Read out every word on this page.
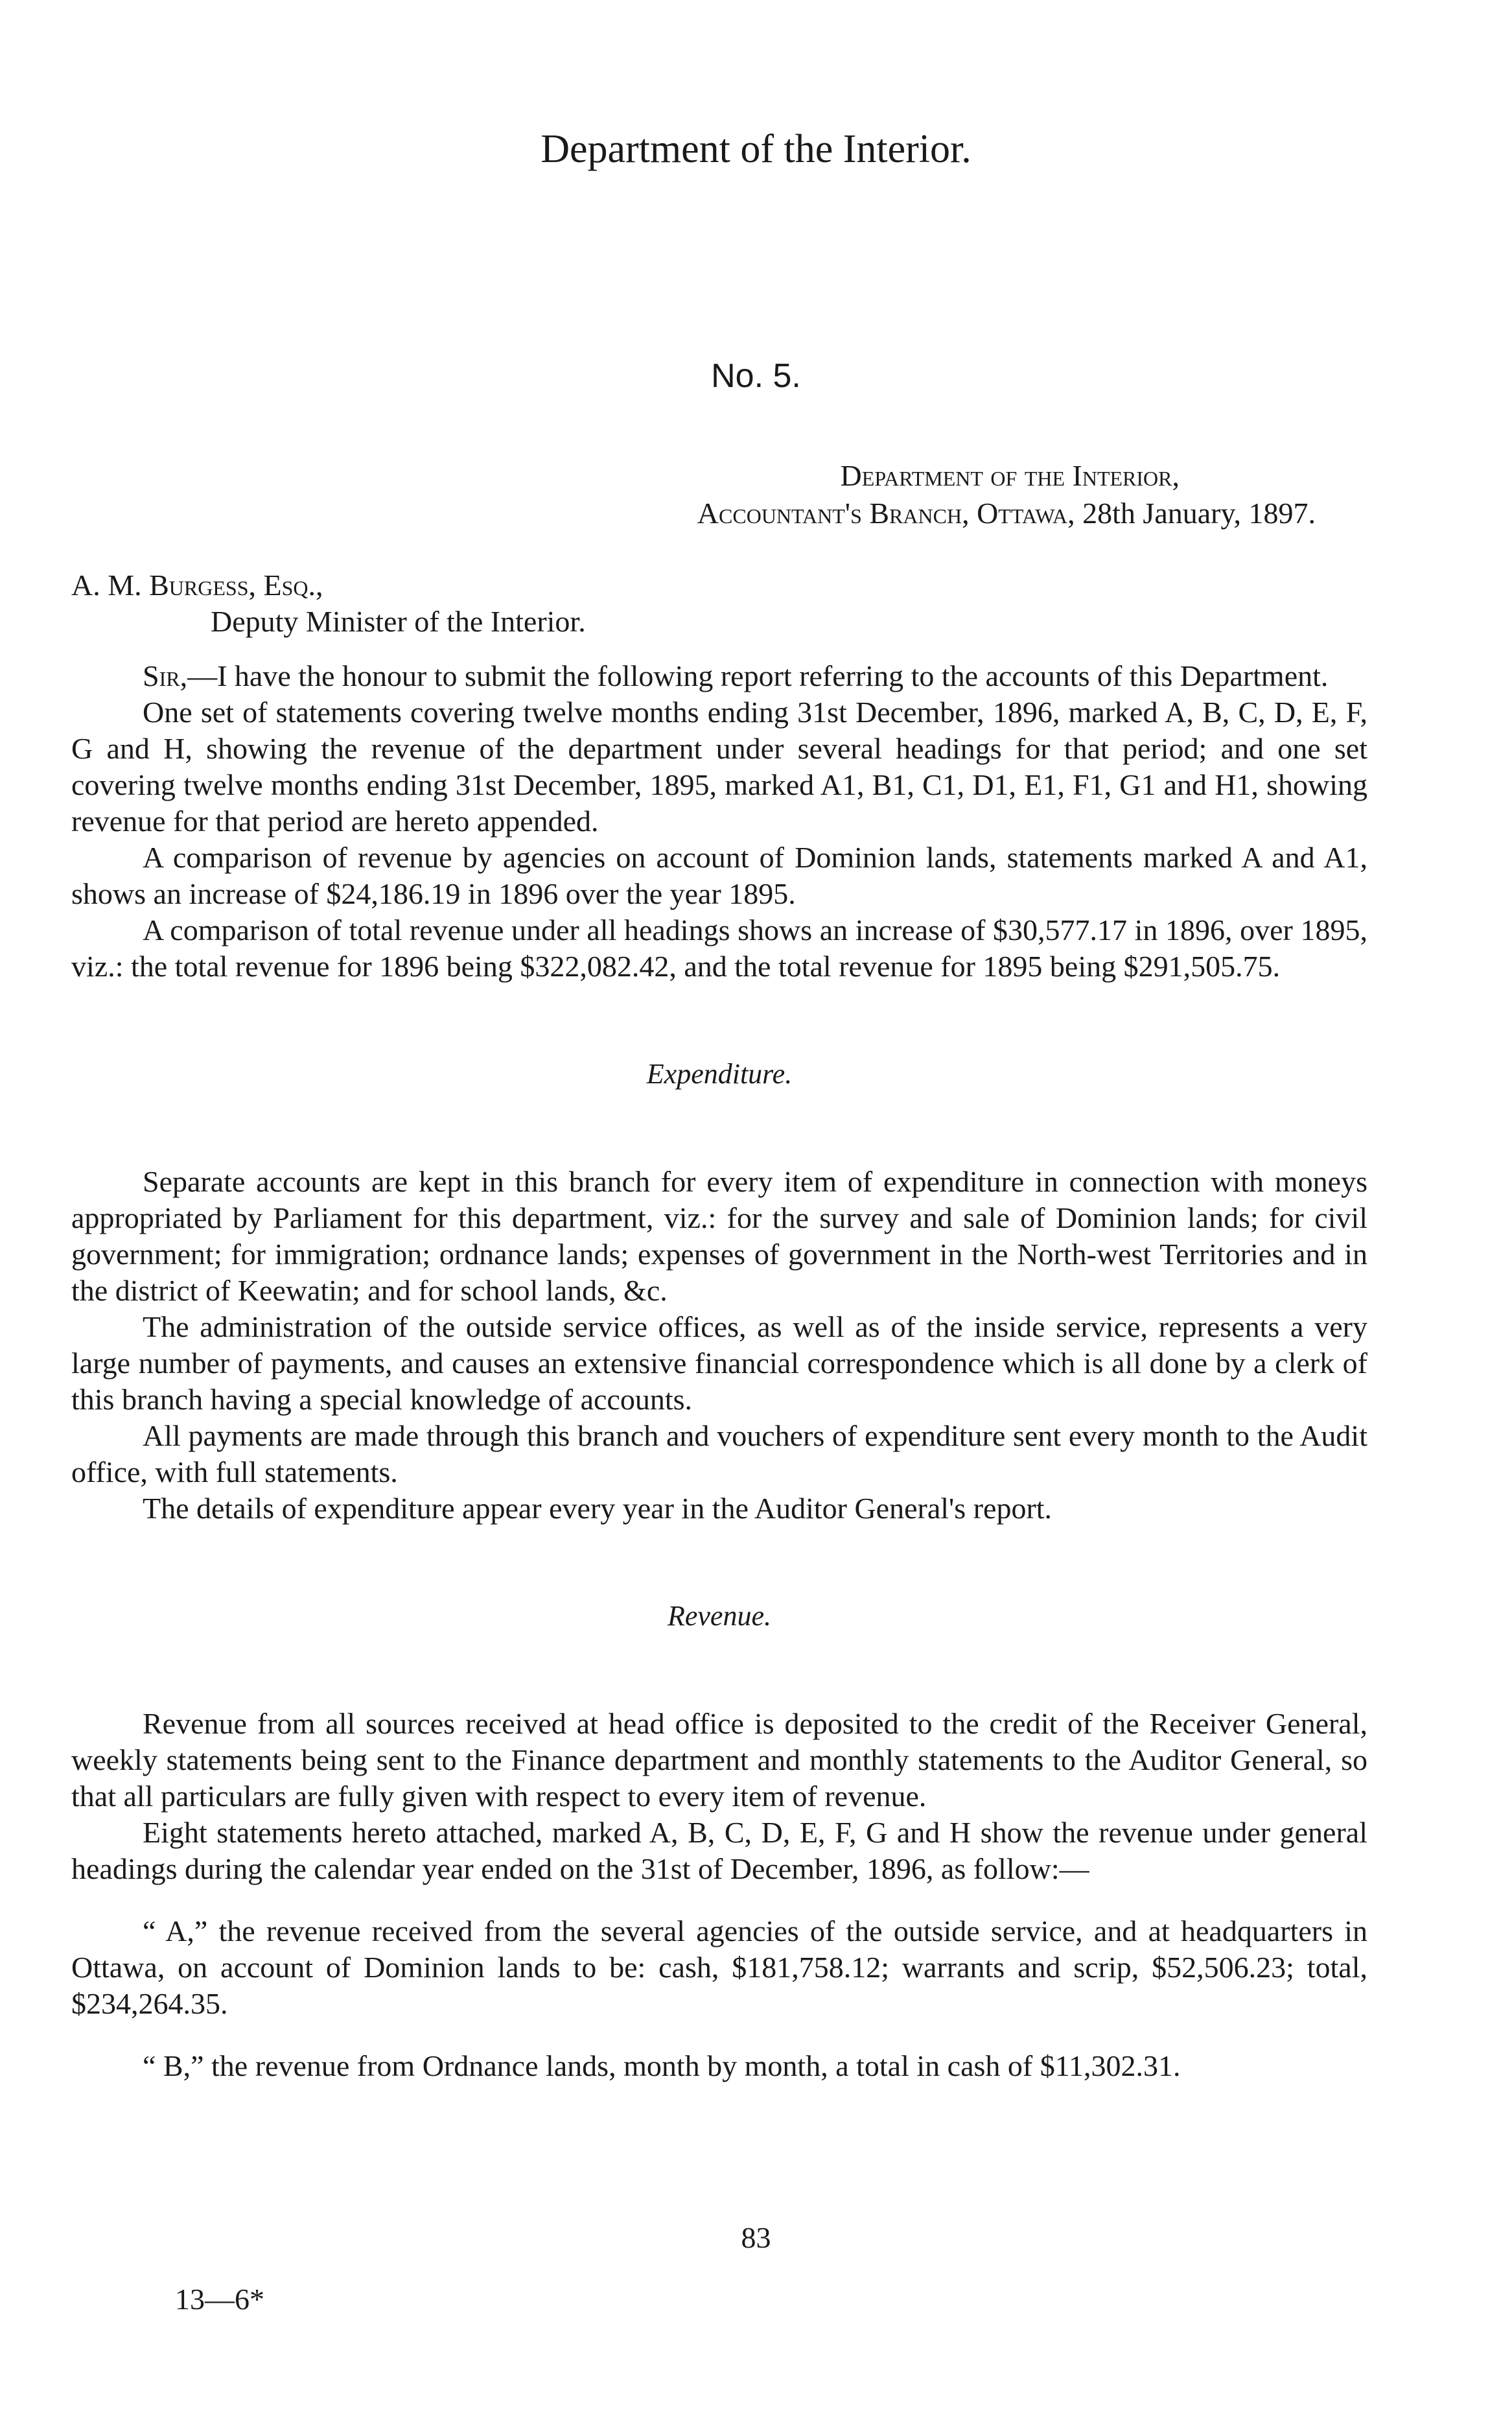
Department of the Interior.
No. 5.
Department of the Interior,
Accountant's Branch, Ottawa, 28th January, 1897.
A. M. Burgess, Esq.,
Deputy Minister of the Interior.

Sir,—I have the honour to submit the following report referring to the accounts of this Department.

One set of statements covering twelve months ending 31st December, 1896, marked A, B, C, D, E, F, G and H, showing the revenue of the department under several headings for that period; and one set covering twelve months ending 31st December, 1895, marked A1, B1, C1, D1, E1, F1, G1 and H1, showing revenue for that period are hereto appended.

A comparison of revenue by agencies on account of Dominion lands, statements marked A and A1, shows an increase of $24,186.19 in 1896 over the year 1895.

A comparison of total revenue under all headings shows an increase of $30,577.17 in 1896, over 1895, viz.: the total revenue for 1896 being $322,082.42, and the total revenue for 1895 being $291,505.75.

Expenditure.

Separate accounts are kept in this branch for every item of expenditure in connection with moneys appropriated by Parliament for this department, viz.: for the survey and sale of Dominion lands; for civil government; for immigration; ordnance lands; expenses of government in the North-west Territories and in the district of Keewatin; and for school lands, &c.

The administration of the outside service offices, as well as of the inside service, represents a very large number of payments, and causes an extensive financial correspondence which is all done by a clerk of this branch having a special knowledge of accounts.

All payments are made through this branch and vouchers of expenditure sent every month to the Audit office, with full statements.

The details of expenditure appear every year in the Auditor General's report.

Revenue.

Revenue from all sources received at head office is deposited to the credit of the Receiver General, weekly statements being sent to the Finance department and monthly statements to the Auditor General, so that all particulars are fully given with respect to every item of revenue.

Eight statements hereto attached, marked A, B, C, D, E, F, G and H show the revenue under general headings during the calendar year ended on the 31st of December, 1896, as follow:—

“ A,” the revenue received from the several agencies of the outside service, and at headquarters in Ottawa, on account of Dominion lands to be: cash, $181,758.12; warrants and scrip, $52,506.23; total, $234,264.35.

“ B,” the revenue from Ordnance lands, month by month, a total in cash of $11,302.31.

83
13—6*
